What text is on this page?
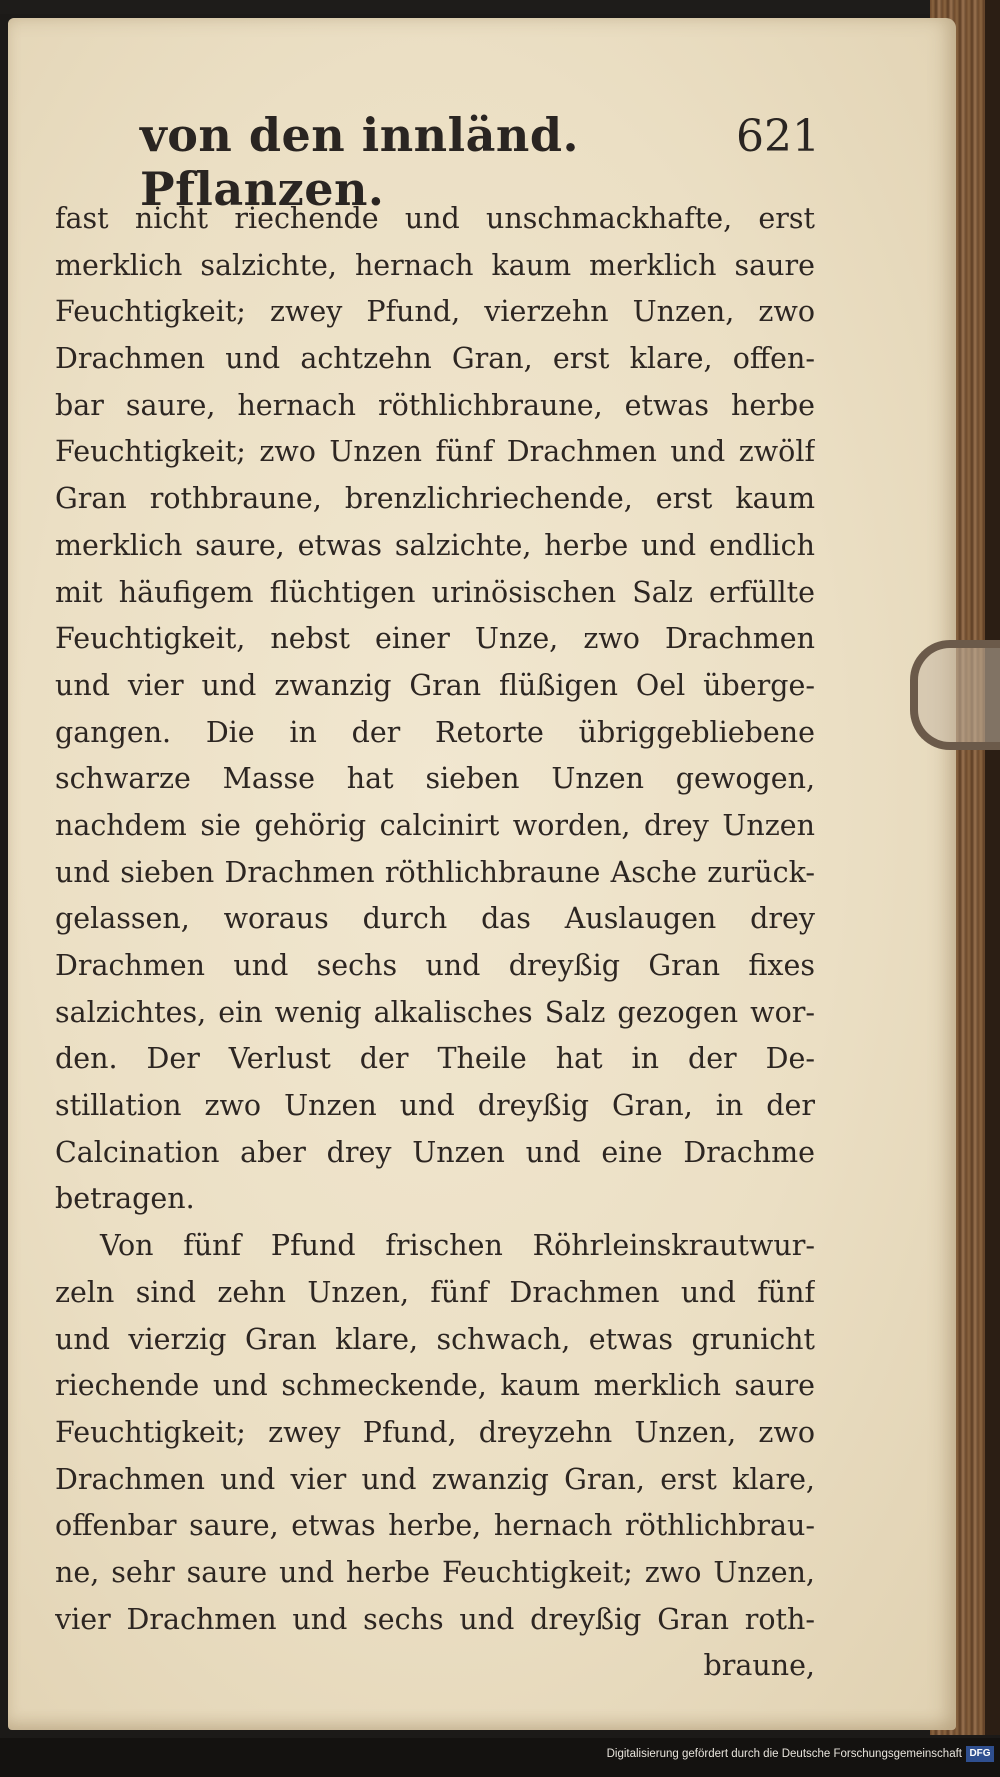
von den innländ. Pflanzen.
621
fast nicht riechende und unschmackhafte, erst
merklich salzichte, hernach kaum merklich saure
Feuchtigkeit; zwey Pfund, vierzehn Unzen, zwo
Drachmen und achtzehn Gran, erst klare, offen-
bar saure, hernach röthlichbraune, etwas herbe
Feuchtigkeit; zwo Unzen fünf Drachmen und zwölf
Gran rothbraune, brenzlichriechende, erst kaum
merklich saure, etwas salzichte, herbe und endlich
mit häufigem flüchtigen urinösischen Salz erfüllte
Feuchtigkeit, nebst einer Unze, zwo Drachmen
und vier und zwanzig Gran flüßigen Oel überge-
gangen. Die in der Retorte übriggebliebene
schwarze Masse hat sieben Unzen gewogen,
nachdem sie gehörig calcinirt worden, drey Unzen
und sieben Drachmen röthlichbraune Asche zurück-
gelassen, woraus durch das Auslaugen drey
Drachmen und sechs und dreyßig Gran fixes
salzichtes, ein wenig alkalisches Salz gezogen wor-
den. Der Verlust der Theile hat in der De-
stillation zwo Unzen und dreyßig Gran, in der
Calcination aber drey Unzen und eine Drachme
betragen.
Von fünf Pfund frischen Röhrleinskrautwur-
zeln sind zehn Unzen, fünf Drachmen und fünf
und vierzig Gran klare, schwach, etwas grunicht
riechende und schmeckende, kaum merklich saure
Feuchtigkeit; zwey Pfund, dreyzehn Unzen, zwo
Drachmen und vier und zwanzig Gran, erst klare,
offenbar saure, etwas herbe, hernach röthlichbrau-
ne, sehr saure und herbe Feuchtigkeit; zwo Unzen,
vier Drachmen und sechs und dreyßig Gran roth-
braune,
Digitalisierung gefördert durch die Deutsche Forschungsgemeinschaft DFG
